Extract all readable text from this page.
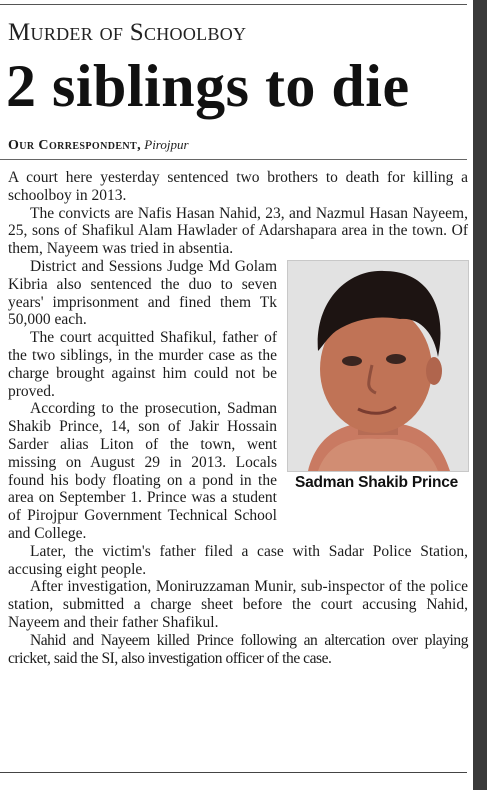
Murder of Schoolboy
2 siblings to die
Our Correspondent, Pirojpur

A court here yesterday sentenced two brothers to death for killing a schoolboy in 2013.

The convicts are Nafis Hasan Nahid, 23, and Nazmul Hasan Nayeem, 25, sons of Shafikul Alam Hawlader of Adarshapara area in the town. Of them, Nayeem was tried in absentia.

Sadman Shakib Prince

District and Sessions Judge Md Golam Kibria also sentenced the duo to seven years' imprisonment and fined them Tk 50,000 each.

The court acquitted Shafikul, father of the two siblings, in the murder case as the charge brought against him could not be proved.

According to the prosecution, Sadman Shakib Prince, 14, son of Jakir Hossain Sarder alias Liton of the town, went missing on August 29 in 2013. Locals found his body floating on a pond in the area on September 1. Prince was a student of Pirojpur Government Technical School and College.

Later, the victim's father filed a case with Sadar Police Station, accusing eight people.

After investigation, Moniruzzaman Munir, sub-inspector of the police station, submitted a charge sheet before the court accusing Nahid, Nayeem and their father Shafikul.

Nahid and Nayeem killed Prince following an altercation over playing cricket, said the SI, also investigation officer of the case.
